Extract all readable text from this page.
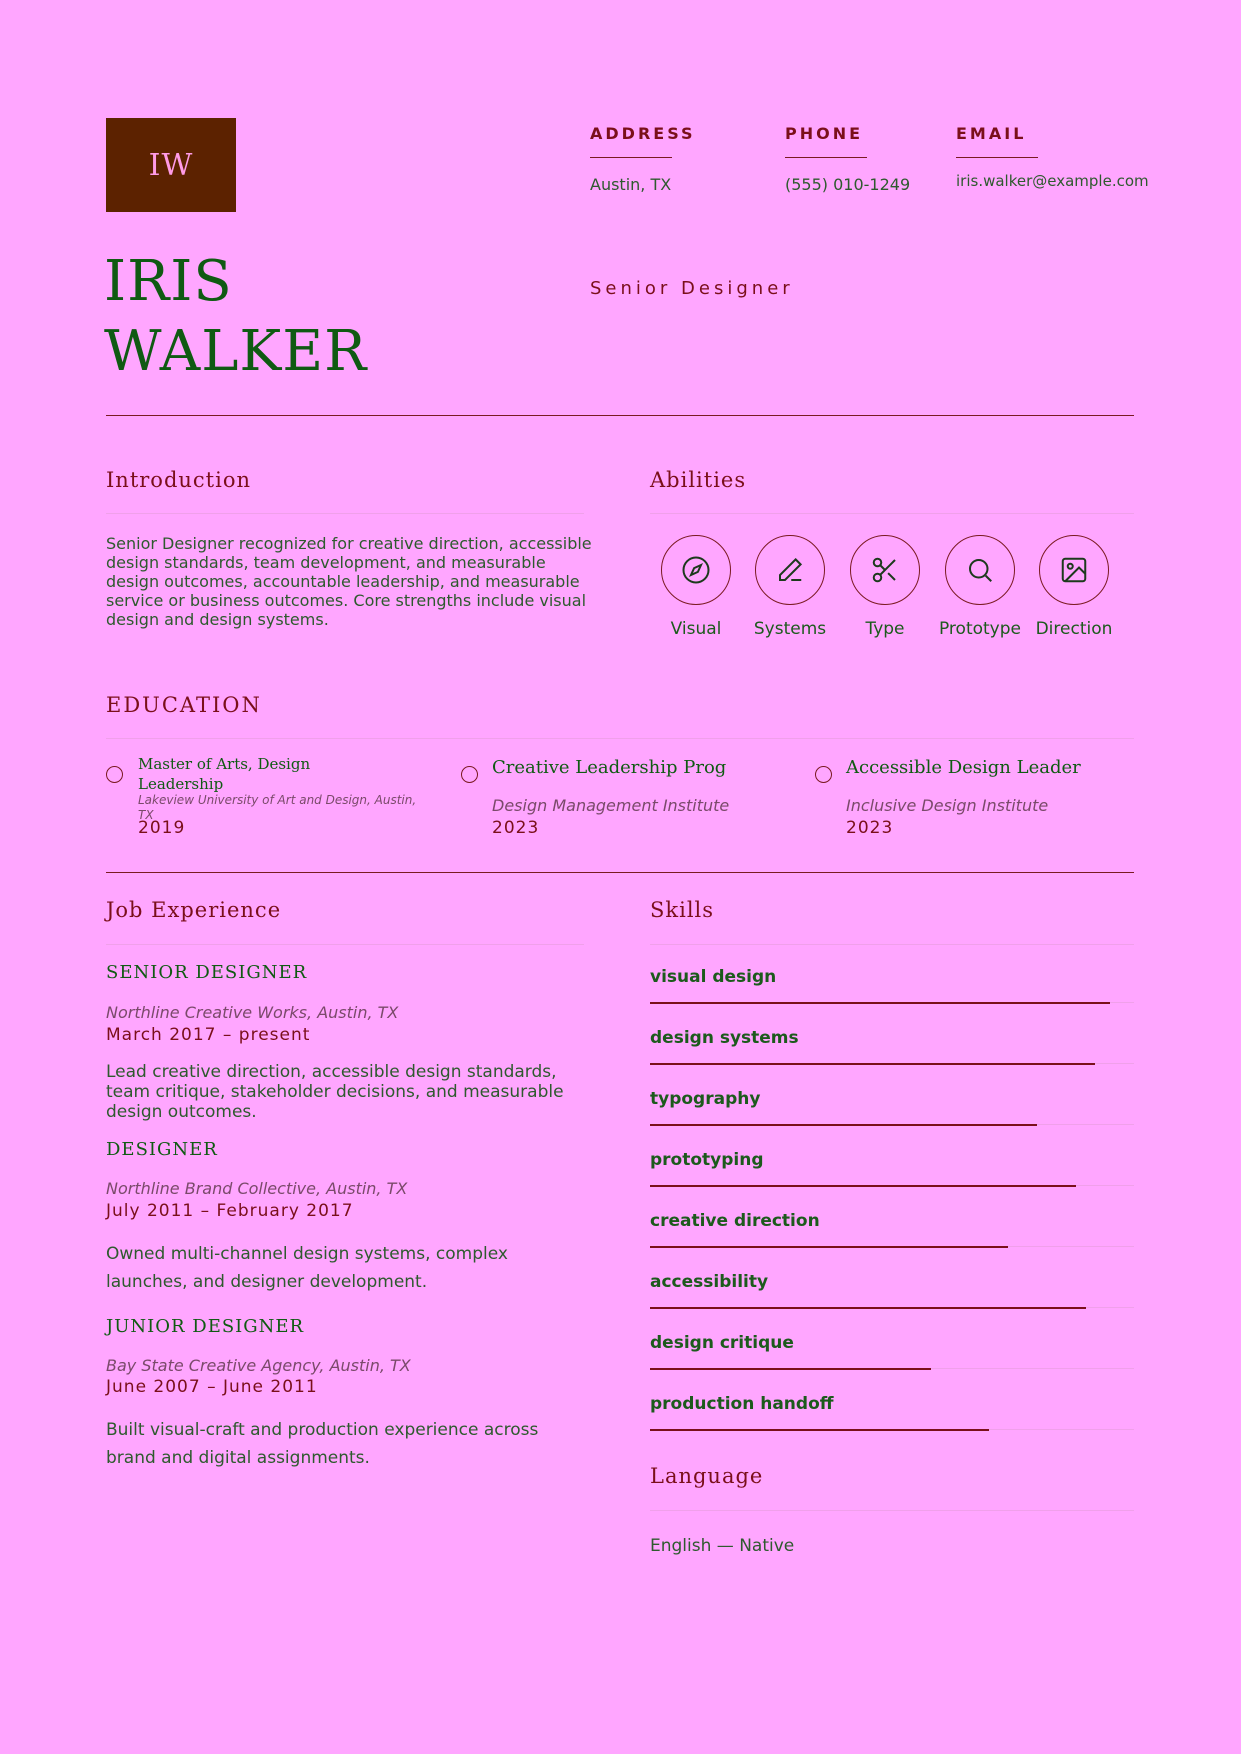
IW
ADDRESS
Austin, TX
PHONE
(555) 010-1249
EMAIL
iris.walker@example.com
IRIS
WALKER
Senior Designer
Introduction
Senior Designer recognized for creative direction, accessible design standards, team development, and measurable design outcomes, accountable leadership, and measurable service or business outcomes. Core strengths include visual design and design systems.
Abilities
Visual	Systems	Type	Prototype Direction
EDUCATION
Master of Arts, Design Leadership
Lakeview University of Art and Design, Austin, TX
2019
Creative Leadership Prog
Design Management Institute
2023
Accessible Design Leader
Inclusive Design Institute
2023
Job Experience
SENIOR DESIGNER
Northline Creative Works, Austin, TX
March 2017 – present
Lead creative direction, accessible design standards, team critique, stakeholder decisions, and measurable design outcomes.
DESIGNER
Northline Brand Collective, Austin, TX
July 2011 – February 2017
Owned multi-channel design systems, complex launches, and designer development.
JUNIOR DESIGNER
Bay State Creative Agency, Austin, TX
June 2007 – June 2011
Built visual-craft and production experience across brand and digital assignments.
Skills
visual design
design systems
typography
prototyping
creative direction
accessibility
design critique
production handoff
Language
English — Native
